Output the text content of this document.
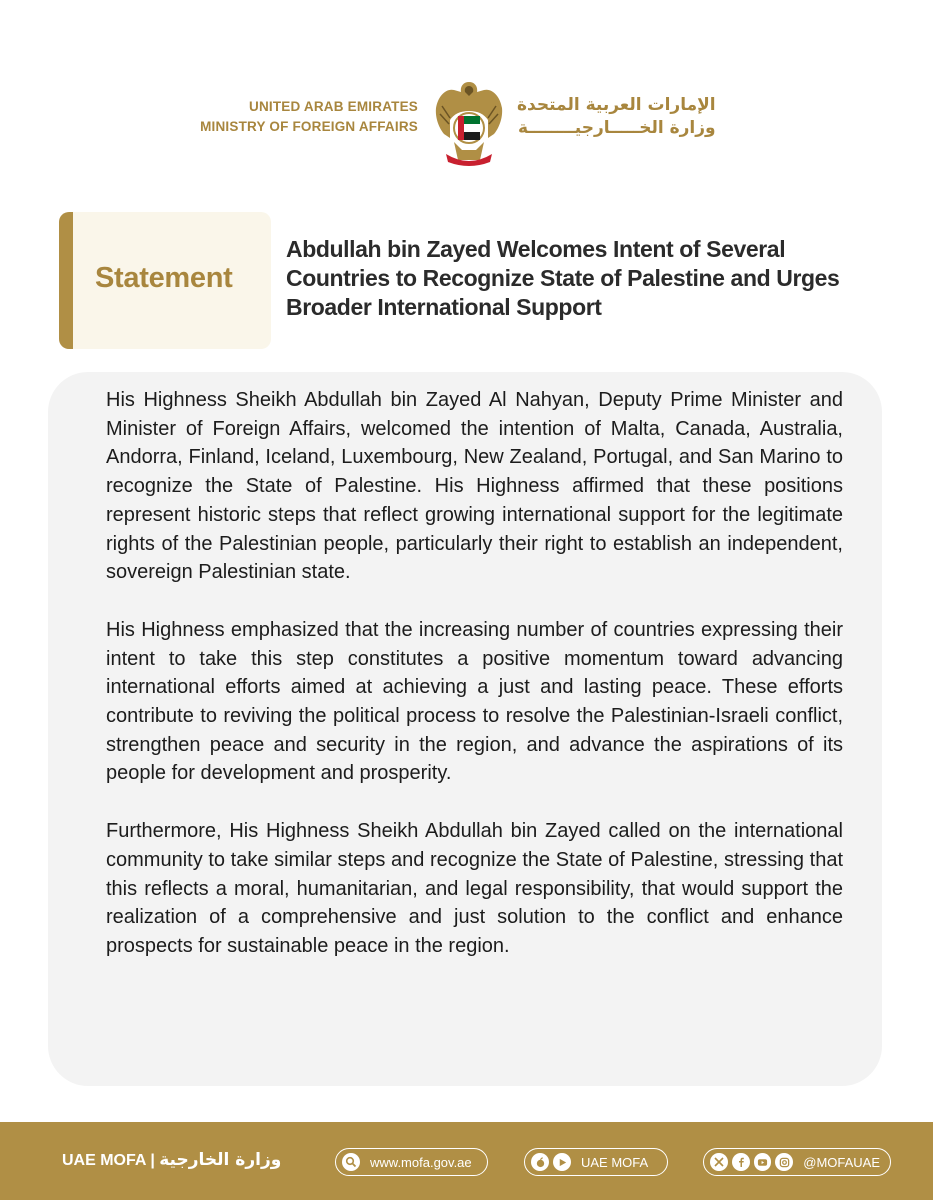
UNITED ARAB EMIRATES
MINISTRY OF FOREIGN AFFAIRS
الإمارات العربية المتحدة
وزارة الخـــــارجيــــــــة
Statement
Abdullah bin Zayed Welcomes Intent of Several Countries to Recognize State of Palestine and Urges Broader International Support

His Highness Sheikh Abdullah bin Zayed Al Nahyan, Deputy Prime Minister and Minister of Foreign Affairs, welcomed the intention of Malta, Canada, Australia, Andorra, Finland, Iceland, Luxembourg, New Zealand, Portugal, and San Marino to recognize the State of Palestine. His Highness affirmed that these positions represent historic steps that reflect growing international support for the legitimate rights of the Palestinian people, particularly their right to establish an independent, sovereign Palestinian state.

His Highness emphasized that the increasing number of countries expressing their intent to take this step constitutes a positive momentum toward advancing international efforts aimed at achieving a just and lasting peace. These efforts contribute to reviving the political process to resolve the Palestinian-Israeli conflict, strengthen peace and security in the region, and advance the aspirations of its people for development and prosperity.

Furthermore, His Highness Sheikh Abdullah bin Zayed called on the international community to take similar steps and recognize the State of Palestine, stressing that this reflects a moral, humanitarian, and legal responsibility, that would support the realization of a comprehensive and just solution to the conflict and enhance prospects for sustainable peace in the region.

UAE MOFA | وزارة الخارجية	www.mofa.gov.ae	UAE MOFA	@MOFAUAE
